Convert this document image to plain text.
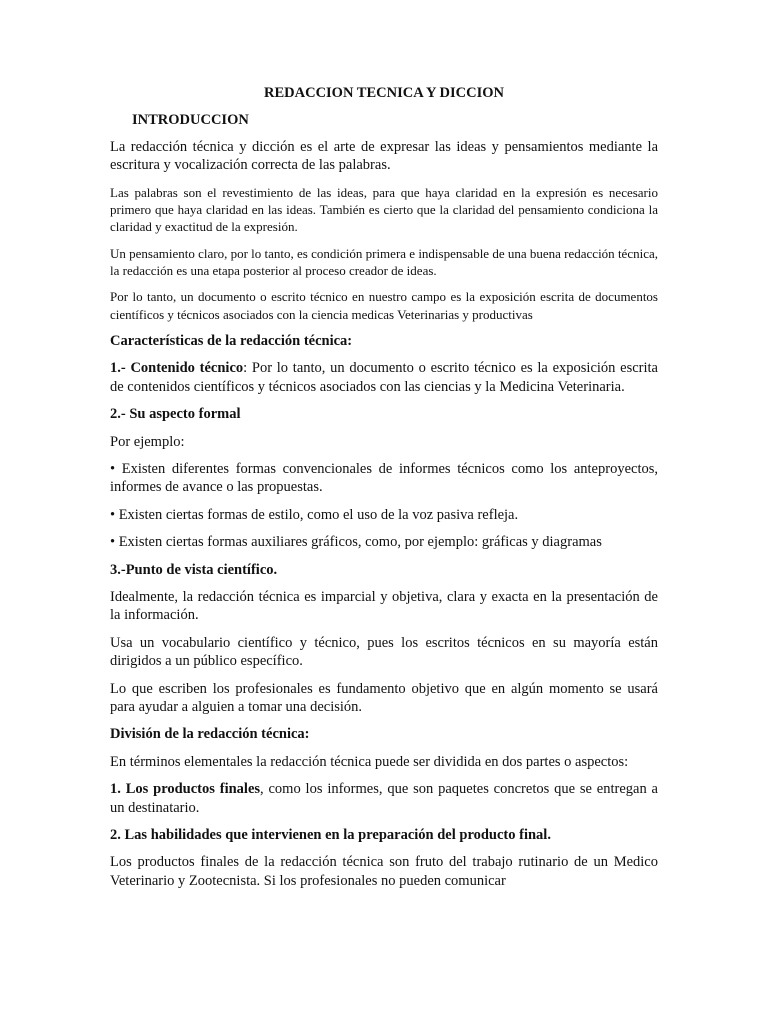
REDACCION TECNICA Y DICCION
INTRODUCCION

La redacción técnica y dicción es el arte de expresar las ideas y pensamientos mediante la escritura y vocalización correcta de las palabras.

Las palabras son el revestimiento de las ideas, para que haya claridad en la expresión es necesario primero que haya claridad en las ideas. También es cierto que la claridad del pensamiento condiciona la claridad y exactitud de la expresión.

Un pensamiento claro, por lo tanto, es condición primera e indispensable de una buena redacción técnica, la redacción es una etapa posterior al proceso creador de ideas.

Por lo tanto, un documento o escrito técnico en nuestro campo es la exposición escrita de documentos científicos y técnicos asociados con la ciencia medicas Veterinarias y productivas

Características de la redacción técnica:

1.- Contenido técnico: Por lo tanto, un documento o escrito técnico es la exposición escrita de contenidos científicos y técnicos asociados con las ciencias y la Medicina Veterinaria.

2.- Su aspecto formal

Por ejemplo:

• Existen diferentes formas convencionales de informes técnicos como los anteproyectos, informes de avance o las propuestas.

• Existen ciertas formas de estilo, como el uso de la voz pasiva refleja.

• Existen ciertas formas auxiliares gráficos, como, por ejemplo: gráficas y diagramas

3.-Punto de vista científico.

Idealmente, la redacción técnica es imparcial y objetiva, clara y exacta en la presentación de la información.

Usa un vocabulario científico y técnico, pues los escritos técnicos en su mayoría están dirigidos a un público específico.

Lo que escriben los profesionales es fundamento objetivo que en algún momento se usará para ayudar a alguien a tomar una decisión.

División de la redacción técnica:

En términos elementales la redacción técnica puede ser dividida en dos partes o aspectos:

1. Los productos finales, como los informes, que son paquetes concretos que se entregan a un destinatario.

2. Las habilidades que intervienen en la preparación del producto final.

Los productos finales de la redacción técnica son fruto del trabajo rutinario de un Medico Veterinario y Zootecnista. Si los profesionales no pueden comunicar
